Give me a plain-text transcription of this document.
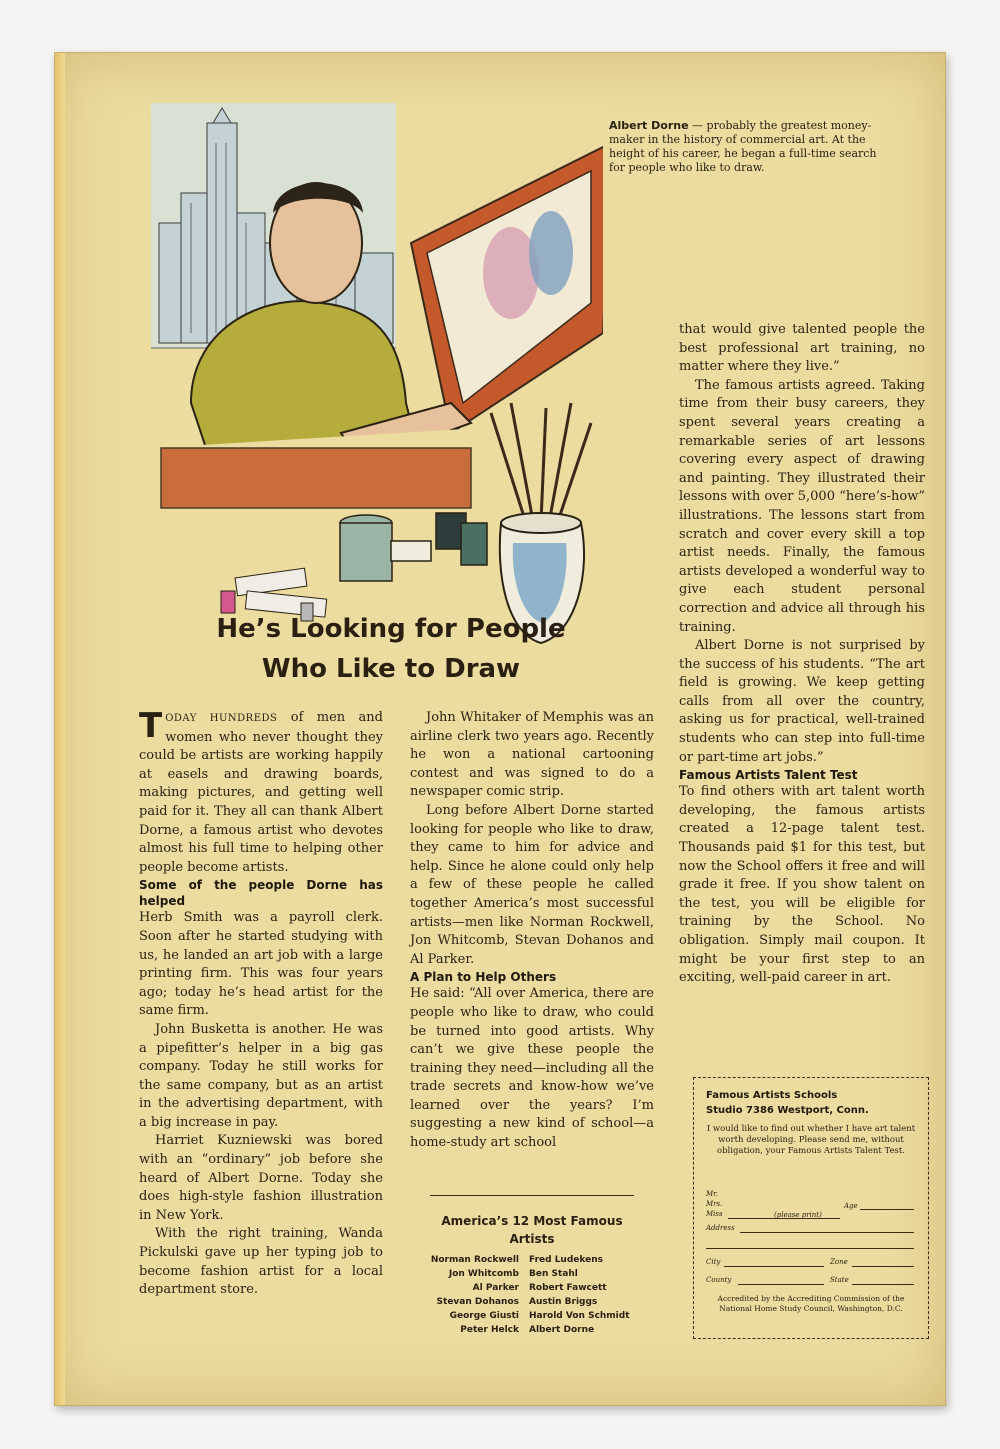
Albert Dorne — probably the greatest money-maker in the history of commercial art. At the height of his career, he began a full-time search for people who like to draw.
He’s Looking for People
Who Like to Draw

TODAY HUNDREDS of men and women who never thought they could be artists are working happily at easels and drawing boards, making pictures, and getting well paid for it. They all can thank Albert Dorne, a famous artist who devotes almost his full time to helping other people become artists.

Some of the people Dorne has helped

Herb Smith was a payroll clerk. Soon after he started studying with us, he landed an art job with a large printing firm. This was four years ago; today he’s head artist for the same firm.

John Busketta is another. He was a pipefitter’s helper in a big gas company. Today he still works for the same company, but as an artist in the advertising department, with a big increase in pay.

Harriet Kuzniewski was bored with an “ordinary” job before she heard of Albert Dorne. Today she does high-style fashion illustration in New York.

With the right training, Wanda Pickulski gave up her typing job to become fashion artist for a local department store.

John Whitaker of Memphis was an airline clerk two years ago. Recently he won a national cartooning contest and was signed to do a newspaper comic strip.

Long before Albert Dorne started looking for people who like to draw, they came to him for advice and help. Since he alone could only help a few of these people he called together America’s most successful artists—men like Norman Rockwell, Jon Whitcomb, Stevan Dohanos and Al Parker.

A Plan to Help Others

He said: “All over America, there are people who like to draw, who could be turned into good artists. Why can’t we give these people the training they need—including all the trade secrets and know-how we’ve learned over the years? I’m suggesting a new kind of school—a home-study art school

America’s 12 Most Famous Artists
Norman Rockwell	Fred Ludekens
Jon Whitcomb	Ben Stahl
Al Parker	Robert Fawcett
Stevan Dohanos	Austin Briggs
George Giusti	Harold Von Schmidt
Peter Helck	Albert Dorne

that would give talented people the best professional art training, no matter where they live.”

The famous artists agreed. Taking time from their busy careers, they spent several years creating a remarkable series of art lessons covering every aspect of drawing and painting. They illustrated their lessons with over 5,000 “here’s-how” illustrations. The lessons start from scratch and cover every skill a top artist needs. Finally, the famous artists developed a wonderful way to give each student personal correction and advice all through his training.

Albert Dorne is not surprised by the success of his students. “The art field is growing. We keep getting calls from all over the country, asking us for practical, well-trained students who can step into full-time or part-time art jobs.”

Famous Artists Talent Test

To find others with art talent worth developing, the famous artists created a 12-page talent test. Thousands paid $1 for this test, but now the School offers it free and will grade it free. If you show talent on the test, you will be eligible for training by the School. No obligation. Simply mail coupon. It might be your first step to an exciting, well-paid career in art.

Famous Artists Schools
Studio 7386 Westport, Conn.
I would like to find out whether I have art talent worth developing. Please send me, without obligation, your Famous Artists Talent Test.
Mr.
Mrs.
Miss	(please print)
Age
Address
City	Zone
County	State
Accredited by the Accrediting Commission of the National Home Study Council, Washington, D.C.
